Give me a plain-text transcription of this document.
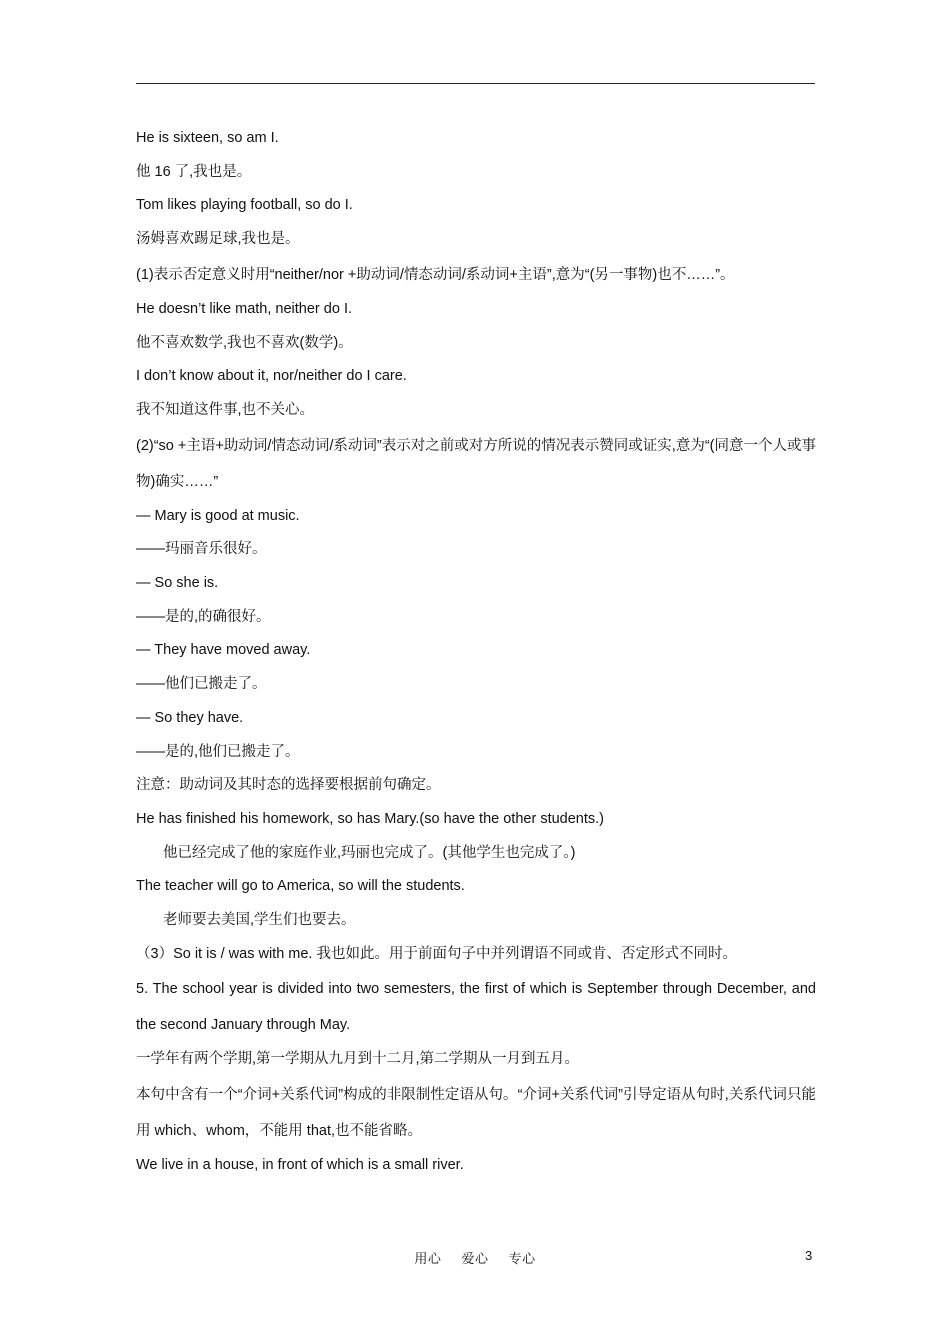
He is sixteen, so am I.
他 16 了,我也是。
Tom likes playing football, so do I.
汤姆喜欢踢足球,我也是。
(1)表示否定意义时用“neither/nor +助动词/情态动词/系动词+主语”,意为“(另一事物)也不……”。
He doesn’t like math, neither do I.
他不喜欢数学,我也不喜欢(数学)。
I don’t know about it, nor/neither do I care.
我不知道这件事,也不关心。
(2)“so +主语+助动词/情态动词/系动词”表示对之前或对方所说的情况表示赞同或证实,意为“(同意一个人或事物)确实……”
— Mary is good at music.
——玛丽音乐很好。
— So she is.
——是的,的确很好。
— They have moved away.
——他们已搬走了。
— So they have.
——是的,他们已搬走了。
注意：助动词及其时态的选择要根据前句确定。
He has finished his homework, so has Mary.(so have the other students.)
他已经完成了他的家庭作业,玛丽也完成了。(其他学生也完成了。)
The teacher will go to America, so will the students.
老师要去美国,学生们也要去。
（3）So it is / was with me. 我也如此。用于前面句子中并列谓语不同或肯、否定形式不同时。
5. The school year is divided into two semesters, the first of which is September through December, and the second January through May.
一学年有两个学期,第一学期从九月到十二月,第二学期从一月到五月。
本句中含有一个“介词+关系代词”构成的非限制性定语从句。“介词+关系代词”引导定语从句时,关系代词只能用 which、whom，不能用 that,也不能省略。
We live in a house, in front of which is a small river.
用心 爱心 专心	3
